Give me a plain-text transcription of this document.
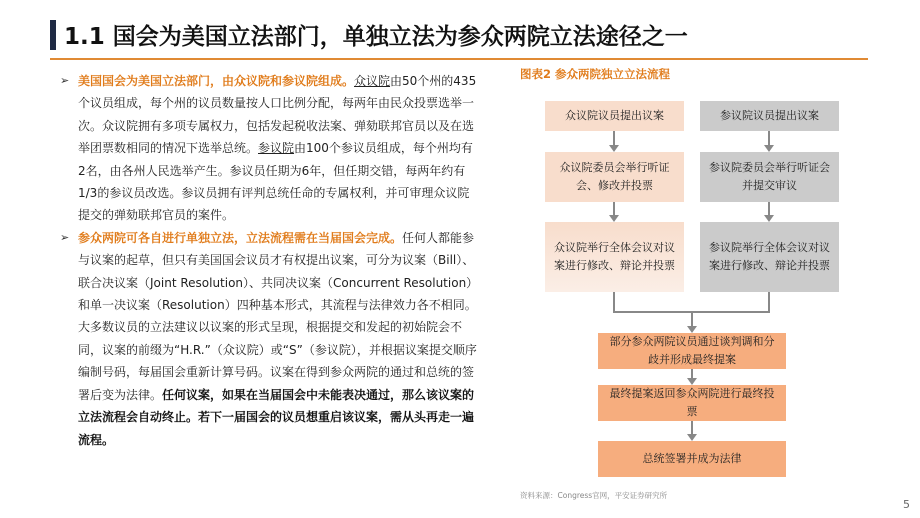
1.1 国会为美国立法部门，单独立法为参众两院立法途径之一
➢ 美国国会为美国立法部门，由众议院和参议院组成。众议院由50个州的435个议员组成，每个州的议员数量按人口比例分配，每两年由民众投票选举一次。众议院拥有多项专属权力，包括发起税收法案、弹劾联邦官员以及在选举团票数相同的情况下选举总统。参议院由100个参议员组成，每个州均有2名，由各州人民选举产生。参议员任期为6年，但任期交错，每两年约有1/3的参议员改选。参议员拥有评判总统任命的专属权利，并可审理众议院提交的弹劾联邦官员的案件。
➢ 参众两院可各自进行单独立法，立法流程需在当届国会完成。任何人都能参与议案的起草，但只有美国国会议员才有权提出议案，可分为议案（Bill）、联合决议案（Joint Resolution）、共同决议案（Concurrent Resolution）和单一决议案（Resolution）四种基本形式，其流程与法律效力各不相同。大多数议员的立法建议以议案的形式呈现，根据提交和发起的初始院会不同，议案的前缀为“H.R.”（众议院）或“S”（参议院），并根据议案提交顺序编制号码，每届国会重新计算号码。议案在得到参众两院的通过和总统的签署后变为法律。任何议案，如果在当届国会中未能表决通过，那么该议案的立法流程会自动终止。若下一届国会的议员想重启该议案，需从头再走一遍流程。
图表2 参众两院独立立法流程
众议院议员提出议案
众议院委员会举行听证会、修改并投票
众议院举行全体会议对议案进行修改、辩论并投票
参议院议员提出议案
参议院委员会举行听证会并提交审议
参议院举行全体会议对议案进行修改、辩论并投票
部分参众两院议员通过谈判调和分歧并形成最终提案
最终提案返回参众两院进行最终投票
总统签署并成为法律
资料来源：Congress官网，平安证券研究所
5
